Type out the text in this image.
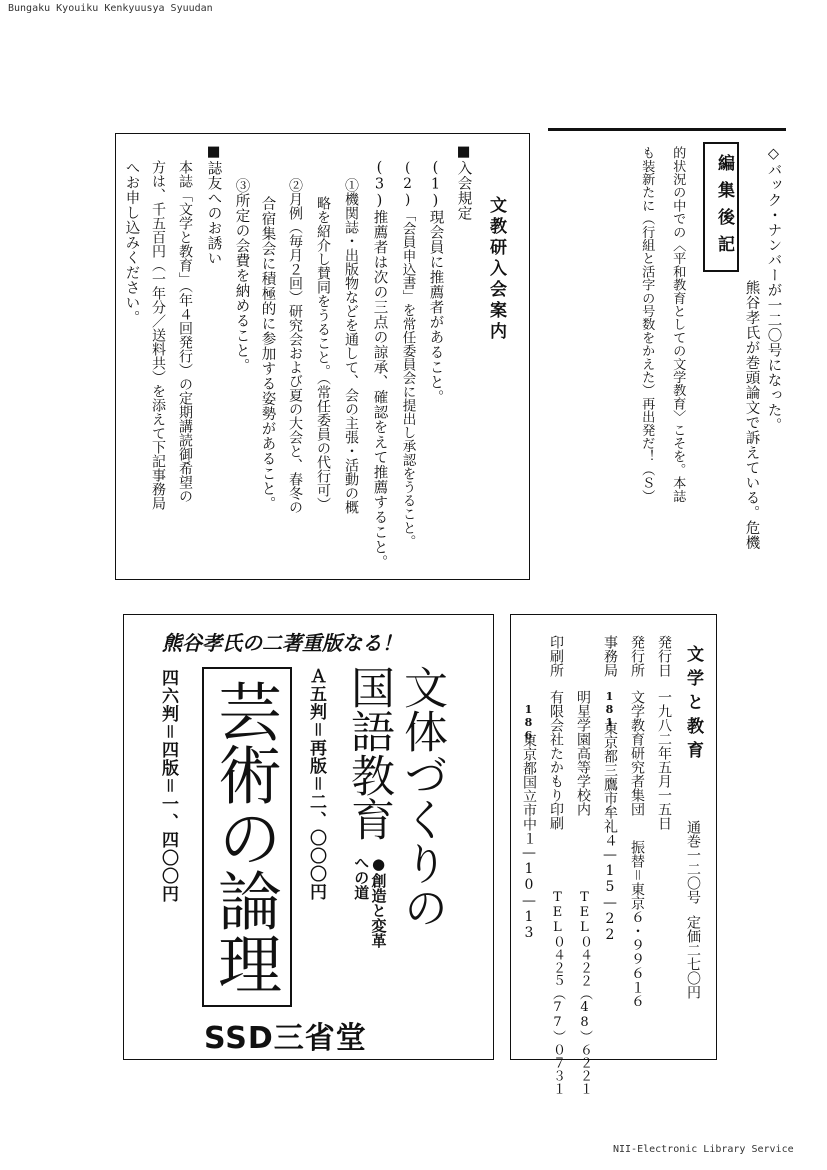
Bungaku Kyouiku Kenkyuusya Syuudan
NII-Electronic Library Service
編集後記 ◇バック・ナンバーが一二〇号になった。
熊谷孝氏が巻頭論文で訴えている。危機
的状況の中での〈平和教育としての文学教育〉こそを。本誌
も装新たに（行組と活字の号数をかえた）再出発だ！（Ｓ）
文教研入会案内
■入会規定
(1)現会員に推薦者があること。
(2)「会員申込書」を常任委員会に提出し承認をうること。
(3)推薦者は次の三点の諒承、確認をえて推薦すること。
①機関誌・出版物などを通して、会の主張・活動の概
略を紹介し賛同をうること。（常任委員の代行可）
②月例（毎月２回）研究会および夏の大会と、春冬の
合宿集会に積極的に参加する姿勢があること。
③所定の会費を納めること。
■誌友へのお誘い
本誌「文学と教育」（年４回発行）の定期講読御希望の
方は、千五百円（一年分／送料共）を添えて下記事務局
へお申し込みください。
熊谷孝氏の二著重版なる！
文体づくりの
国語教育
●創造と変革への道
Ａ五判＝再版＝二、〇〇〇円
芸術の論理
四六判＝四版＝一、四〇〇円
SSD三省堂
文学と教育
通巻一二〇号
定価二七〇円
発行日
一九八二年五月一五日
発行所
文学教育研究者集団
振替＝東京６・９９６１６
事務局
181
東京都三鷹市牟礼４—15—22
明星学園高等学校内
TEL０４２２（48）６２２１
印刷所
有限会社たかもり印刷
TEL０４２５（77）０７３１
186
東京都国立市中１—10—13
